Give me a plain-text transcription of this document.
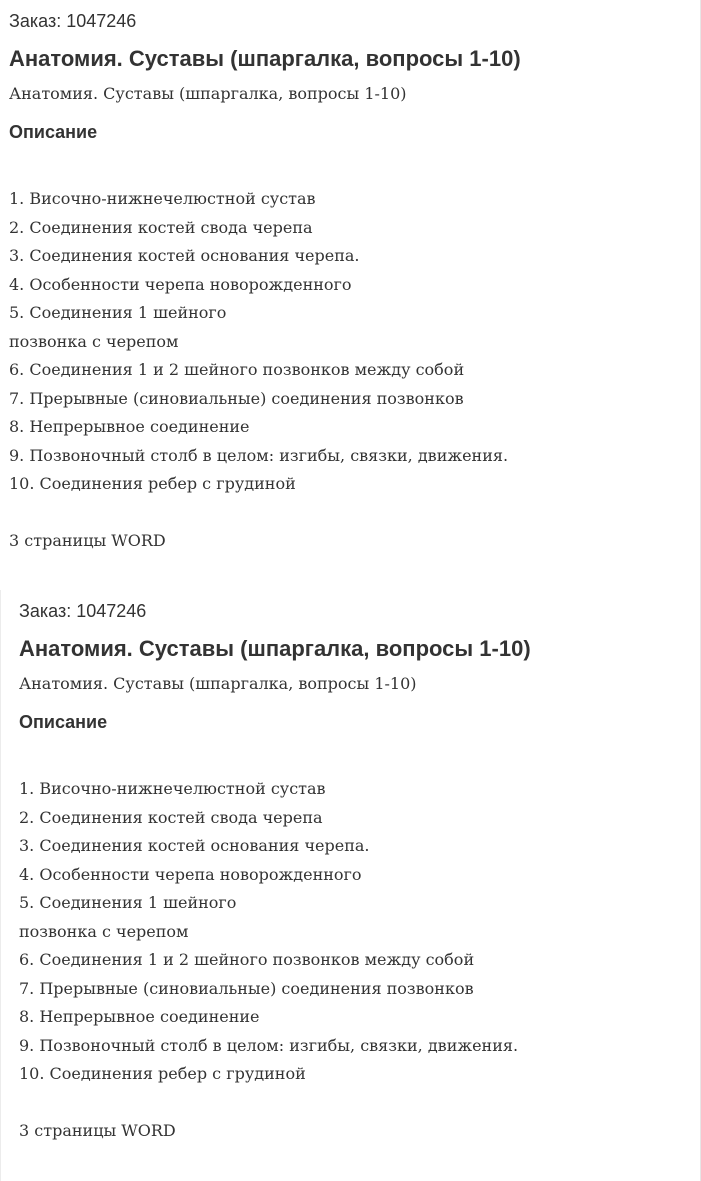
Заказ: 1047246
Анатомия. Суставы (шпаргалка, вопросы 1-10)

Анатомия. Суставы (шпаргалка, вопросы 1-10)

Описание
1. Височно-нижнечелюстной сустав
2. Соединения костей свода черепа
3. Соединения костей основания черепа.
4. Особенности черепа новорожденного
5. Соединения 1 шейного
позвонка с черепом
6. Соединения 1 и 2 шейного позвонков между собой
7. Прерывные (синовиальные) соединения позвонков
8. Непрерывное соединение
9. Позвоночный столб в целом: изгибы, связки, движения.
10. Соединения ребер с грудиной

3 страницы WORD

Заказ: 1047246
Анатомия. Суставы (шпаргалка, вопросы 1-10)

Анатомия. Суставы (шпаргалка, вопросы 1-10)

Описание
1. Височно-нижнечелюстной сустав
2. Соединения костей свода черепа
3. Соединения костей основания черепа.
4. Особенности черепа новорожденного
5. Соединения 1 шейного
позвонка с черепом
6. Соединения 1 и 2 шейного позвонков между собой
7. Прерывные (синовиальные) соединения позвонков
8. Непрерывное соединение
9. Позвоночный столб в целом: изгибы, связки, движения.
10. Соединения ребер с грудиной

3 страницы WORD
